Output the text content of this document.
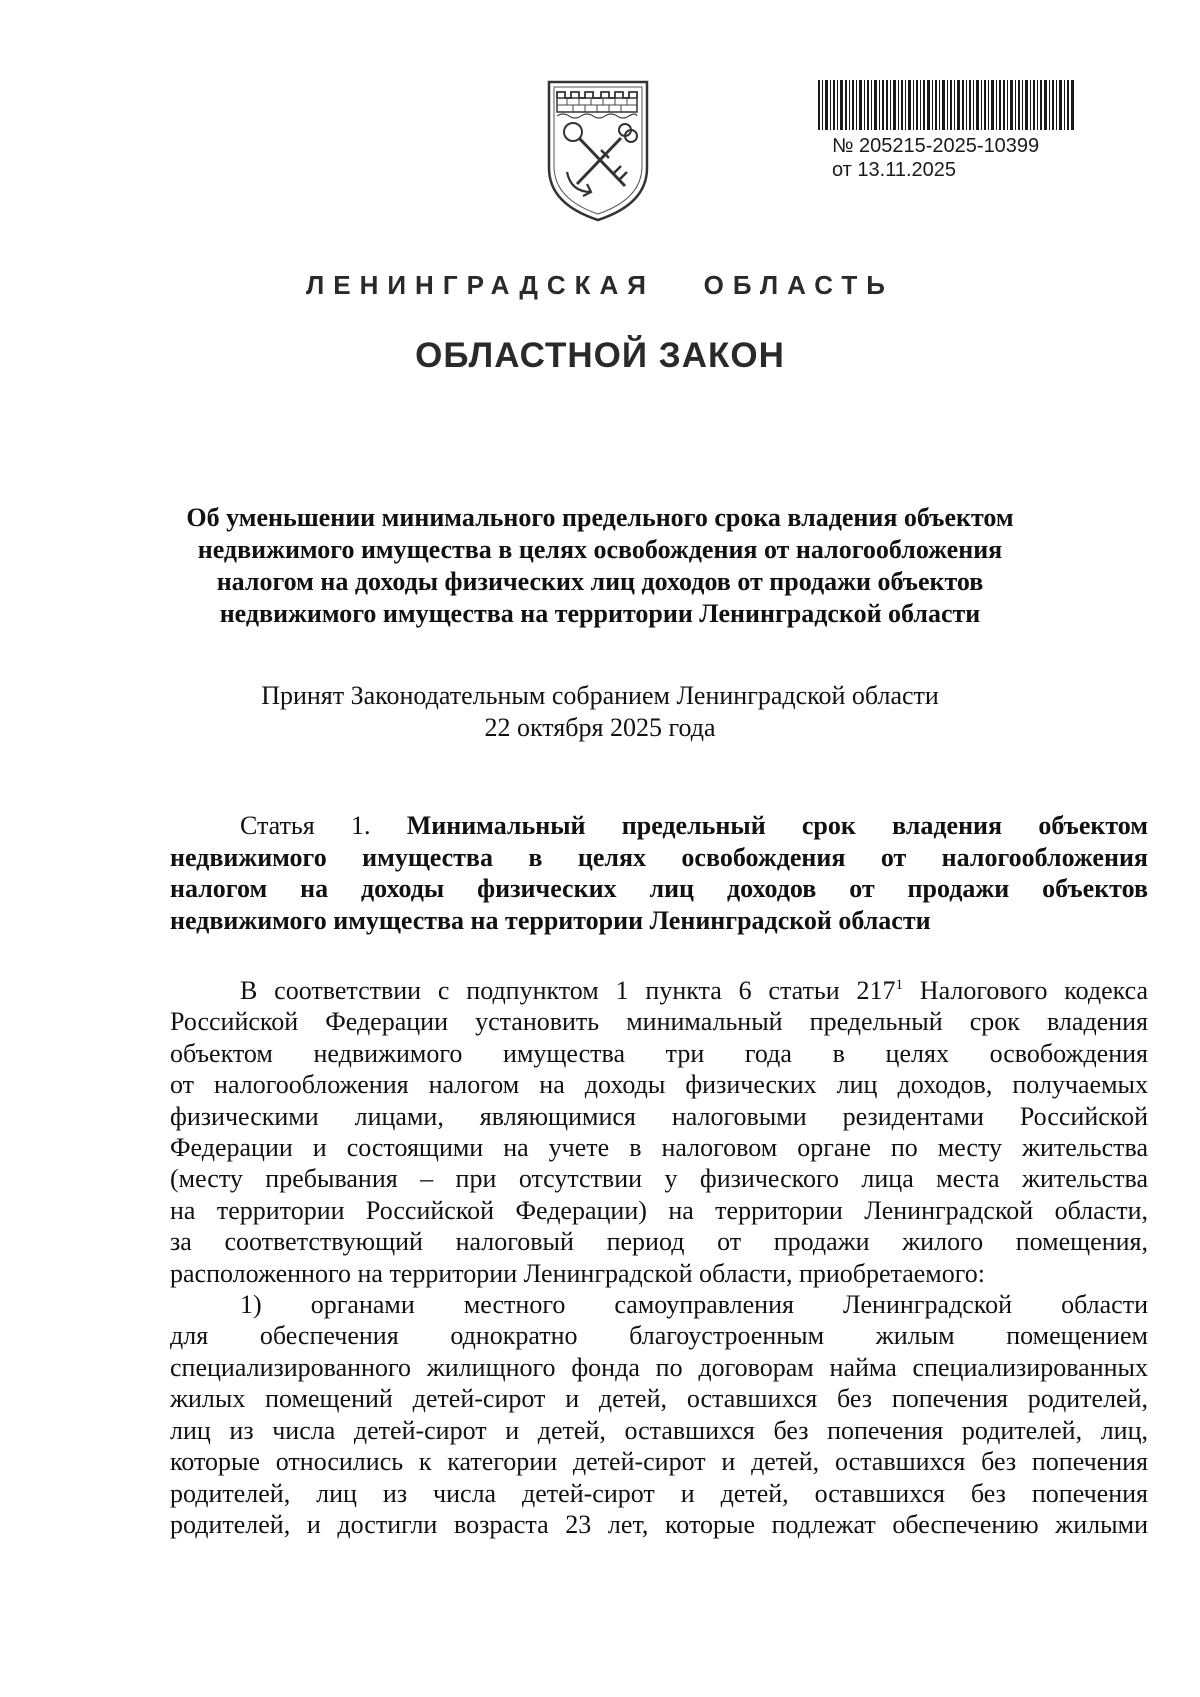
№ 205215-2025-10399
от 13.11.2025
ЛЕНИНГРАДСКАЯ   ОБЛАСТЬ
ОБЛАСТНОЙ ЗАКОН
Об уменьшении минимального предельного срока владения объектом
недвижимого имущества в целях освобождения от налогообложения
налогом на доходы физических лиц доходов от продажи объектов
недвижимого имущества на территории Ленинградской области
Принят Законодательным собранием Ленинградской области
22 октября 2025 года
Статья 1. Минимальный предельный срок владения объектом
недвижимого имущества в целях освобождения от налогообложения
налогом на доходы физических лиц доходов от продажи объектов
недвижимого имущества на территории Ленинградской области
В соответствии с подпунктом 1 пункта 6 статьи $217^1$ Налогового кодекса
Российской Федерации установить минимальный предельный срок владения
объектом недвижимого имущества три года в целях освобождения
от налогообложения налогом на доходы физических лиц доходов, получаемых
физическими лицами, являющимися налоговыми резидентами Российской
Федерации и состоящими на учете в налоговом органе по месту жительства
(месту пребывания – при отсутствии у физического лица места жительства
на территории Российской Федерации) на территории Ленинградской области,
за соответствующий налоговый период от продажи жилого помещения,
расположенного на территории Ленинградской области, приобретаемого:
1) органами местного самоуправления Ленинградской области
для обеспечения однократно благоустроенным жилым помещением
специализированного жилищного фонда по договорам найма специализированных
жилых помещений детей-сирот и детей, оставшихся без попечения родителей,
лиц из числа детей-сирот и детей, оставшихся без попечения родителей, лиц,
которые относились к категории детей-сирот и детей, оставшихся без попечения
родителей, лиц из числа детей-сирот и детей, оставшихся без попечения
родителей, и достигли возраста 23 лет, которые подлежат обеспечению жилыми
